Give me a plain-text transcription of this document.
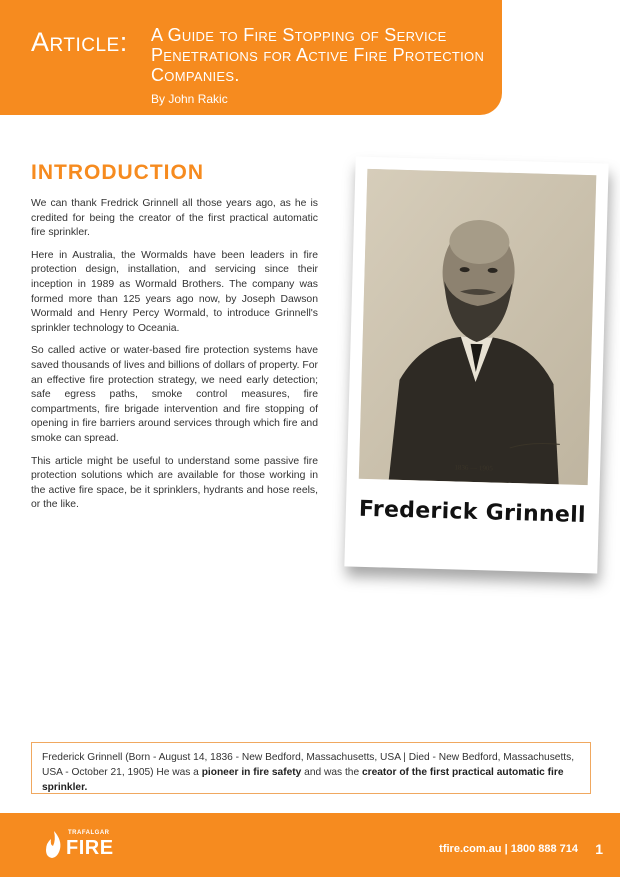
Article: A Guide to Fire Stopping of Service Penetrations for Active Fire Protection Companies.
By John Rakic
INTRODUCTION

We can thank Fredrick Grinnell all those years ago, as he is credited for being the creator of the first practical automatic fire sprinkler.

Here in Australia, the Wormalds have been leaders in fire protection design, installation, and servicing since their inception in 1989 as Wormald Brothers. The company was formed more than 125 years ago now, by Joseph Dawson Wormald and Henry Percy Wormald, to introduce Grinnell's sprinkler technology to Oceania.

So called active or water-based fire protection systems have saved thousands of lives and billions of dollars of property. For an effective fire protection strategy, we need early detection; safe egress paths, smoke control measures, fire compartments, fire brigade intervention and fire stopping of opening in fire barriers around services through which fire and smoke can spread.

This article might be useful to understand some passive fire protection solutions which are available for those working in the active fire space, be it sprinklers, hydrants and hose reels, or the like.

1836 — 1905
Frederick Grinnell

Frederick Grinnell (Born - August 14, 1836 - New Bedford, Massachusetts, USA | Died - New Bedford, Massachusetts, USA - October 21, 1905) He was a pioneer in fire safety and was the creator of the first practical automatic fire sprinkler.

TRAFALGAR
FIRE	tfire.com.au | 1800 888 714 1
